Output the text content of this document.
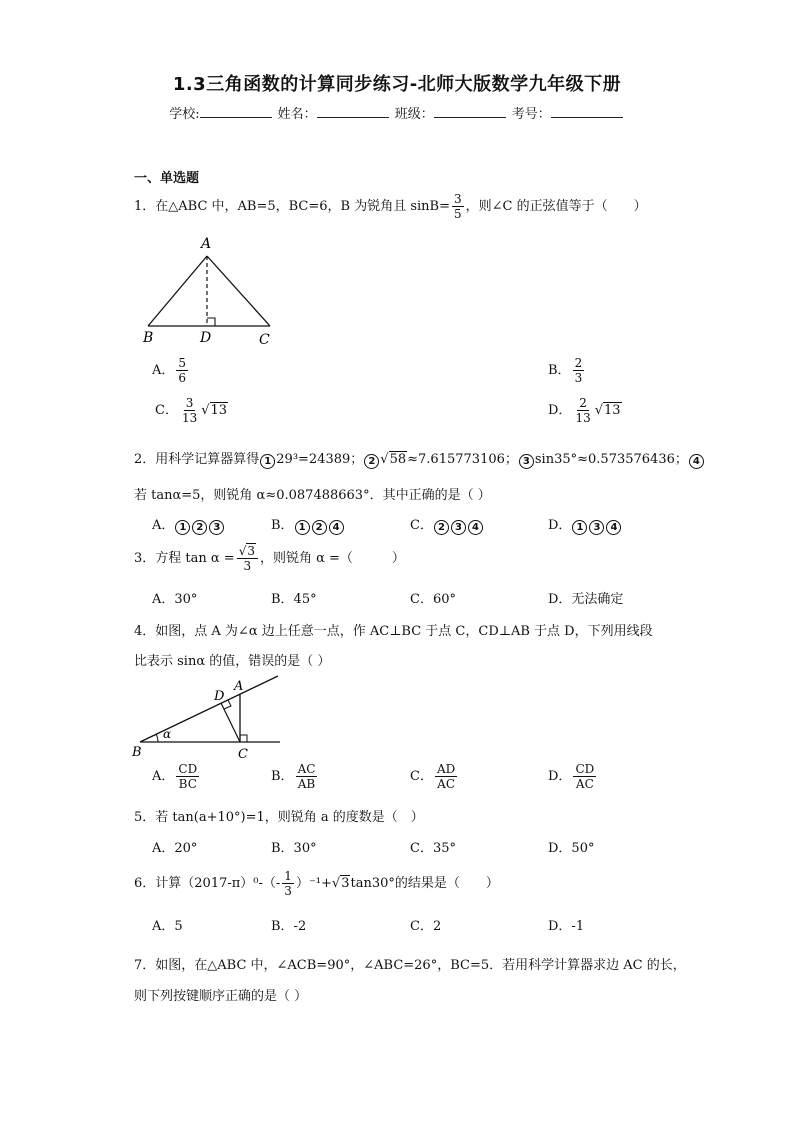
1.3三角函数的计算同步练习-北师大版数学九年级下册
学校:	姓名：	班级：	考号：
一、单选题
1．在△ABC 中，AB=5，BC=6，B 为锐角且 $\sin B= \frac{3}{5}$ ，则∠C 的正弦值等于（　　）
A
B	D	C
A． $\frac{5}{6}$	B． $\frac{2}{3}$
C． $\frac{3}{13} √13$	D． $\frac{2}{13} √13$
2．用科学记算器算得 1 29³=24389； 2 √58≈7.615773106； 3 sin35°≈0.573576436； 4
若 tanα=5，则锐角 α≈0.087488663°．其中正确的是（ ）
A． 1 2 3	B． 1 2 4	C． 2 3 4	D． 1 3 4
3．方程 $\tan \alpha = \frac{√3}{3}$ ，则锐角 α =（　　　）
A．30°	B．45°	C．60°	D．无法确定
4．如图，点 A 为∠α 边上任意一点，作 AC⊥BC 于点 C，CD⊥AB 于点 D，下列用线段
比表示 sinα 的值，错误的是（ ）
A
D
B	C
α
A． $\frac{CD}{BC}$	B． $\frac{AC}{AB}$	C． $\frac{AD}{AC}$	D． $\frac{CD}{AC}$
5．若 tan(a+10°)=1，则锐角 a 的度数是（　）
A．20°	B．30°	C．35°	D．50°
6．计算$(2017-\pi)^0-(- \frac{1}{3} )^{-1}+√3\tan 30^\circ$的结果是（　　）
A．5	B．-2	C．2	D．-1
7．如图，在△ABC 中，∠ACB=90°，∠ABC=26°，BC=5．若用科学计算器求边 AC 的长，
则下列按键顺序正确的是（ ）
